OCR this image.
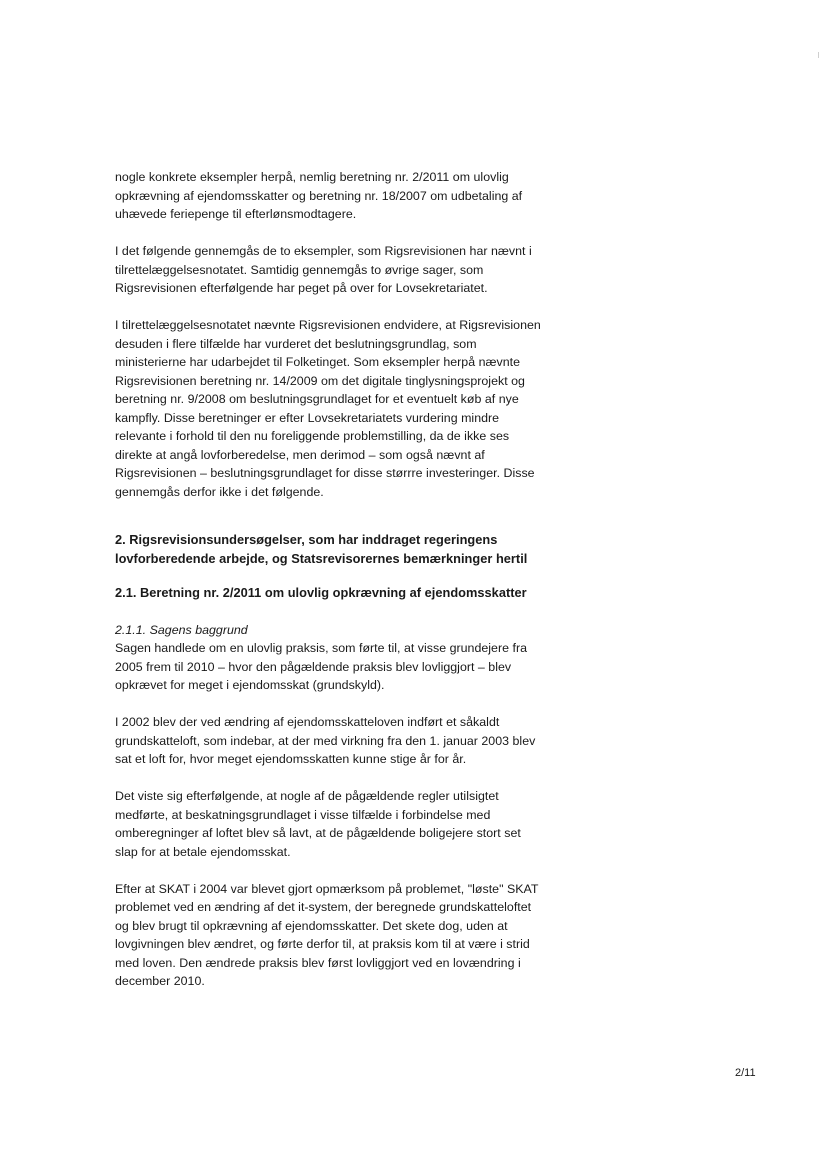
nogle konkrete eksempler herpå, nemlig beretning nr. 2/2011 om ulovlig
opkrævning af ejendomsskatter og beretning nr. 18/2007 om udbetaling af
uhævede feriepenge til efterlønsmodtagere.
I det følgende gennemgås de to eksempler, som Rigsrevisionen har nævnt i
tilrettelæggelsesnotatet. Samtidig gennemgås to øvrige sager, som
Rigsrevisionen efterfølgende har peget på over for Lovsekretariatet.
I tilrettelæggelsesnotatet nævnte Rigsrevisionen endvidere, at Rigsrevisionen
desuden i flere tilfælde har vurderet det beslutningsgrundlag, som
ministerierne har udarbejdet til Folketinget. Som eksempler herpå nævnte
Rigsrevisionen beretning nr. 14/2009 om det digitale tinglysningsprojekt og
beretning nr. 9/2008 om beslutningsgrundlaget for et eventuelt køb af nye
kampfly. Disse beretninger er efter Lovsekretariatets vurdering mindre
relevante i forhold til den nu foreliggende problemstilling, da de ikke ses
direkte at angå lovforberedelse, men derimod – som også nævnt af
Rigsrevisionen – beslutningsgrundlaget for disse størrre investeringer. Disse
gennemgås derfor ikke i det følgende.
2. Rigsrevisionsundersøgelser, som har inddraget regeringens
lovforberedende arbejde, og Statsrevisorernes bemærkninger hertil
2.1. Beretning nr. 2/2011 om ulovlig opkrævning af ejendomsskatter
2.1.1. Sagens baggrund
Sagen handlede om en ulovlig praksis, som førte til, at visse grundejere fra
2005 frem til 2010 – hvor den pågældende praksis blev lovliggjort – blev
opkrævet for meget i ejendomsskat (grundskyld).
I 2002 blev der ved ændring af ejendomsskatteloven indført et såkaldt
grundskatteloft, som indebar, at der med virkning fra den 1. januar 2003 blev
sat et loft for, hvor meget ejendomsskatten kunne stige år for år.
Det viste sig efterfølgende, at nogle af de pågældende regler utilsigtet
medførte, at beskatningsgrundlaget i visse tilfælde i forbindelse med
omberegninger af loftet blev så lavt, at de pågældende boligejere stort set
slap for at betale ejendomsskat.
Efter at SKAT i 2004 var blevet gjort opmærksom på problemet, "løste" SKAT
problemet ved en ændring af det it-system, der beregnede grundskatteloftet
og blev brugt til opkrævning af ejendomsskatter. Det skete dog, uden at
lovgivningen blev ændret, og førte derfor til, at praksis kom til at være i strid
med loven. Den ændrede praksis blev først lovliggjort ved en lovændring i
december 2010.
2/11
